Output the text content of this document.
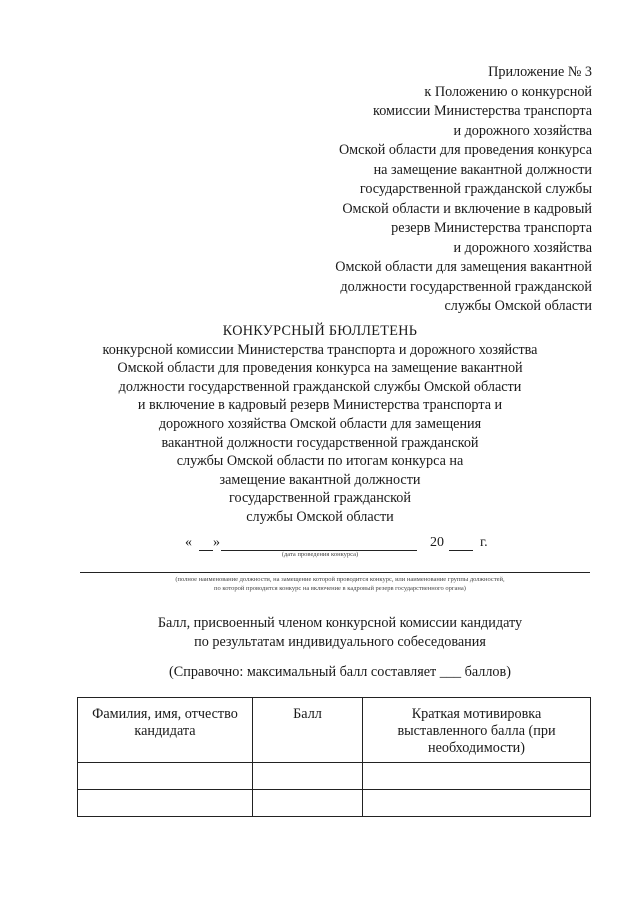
Приложение № 3
к Положению о конкурсной
комиссии Министерства транспорта
и дорожного хозяйства
Омской области для проведения конкурса
на замещение вакантной должности
государственной гражданской службы
Омской области и включение в кадровый
резерв Министерства транспорта
и дорожного хозяйства
Омской области для замещения вакантной
должности государственной гражданской
службы Омской области
КОНКУРСНЫЙ БЮЛЛЕТЕНЬ
конкурсной комиссии Министерства транспорта и дорожного хозяйства
Омской области для проведения конкурса на замещение вакантной
должности государственной гражданской службы Омской области
и включение в кадровый резерв Министерства транспорта и
дорожного хозяйства Омской области для замещения
вакантной должности государственной гражданской
службы Омской области по итогам конкурса на
замещение вакантной должности
государственной гражданской
службы Омской области
« »	20	г.
(дата проведения конкурса)
(полное наименование должности, на замещение которой проводится конкурс, или наименование группы должностей,
по которой проводится конкурс на включение в кадровый резерв государственного органа)
Балл, присвоенный членом конкурсной комиссии кандидату
по результатам индивидуального собеседования
(Справочно: максимальный балл составляет ___ баллов)
Фамилия, имя, отчество кандидата	Балл	Краткая мотивировка выставленного балла (при необходимости)
